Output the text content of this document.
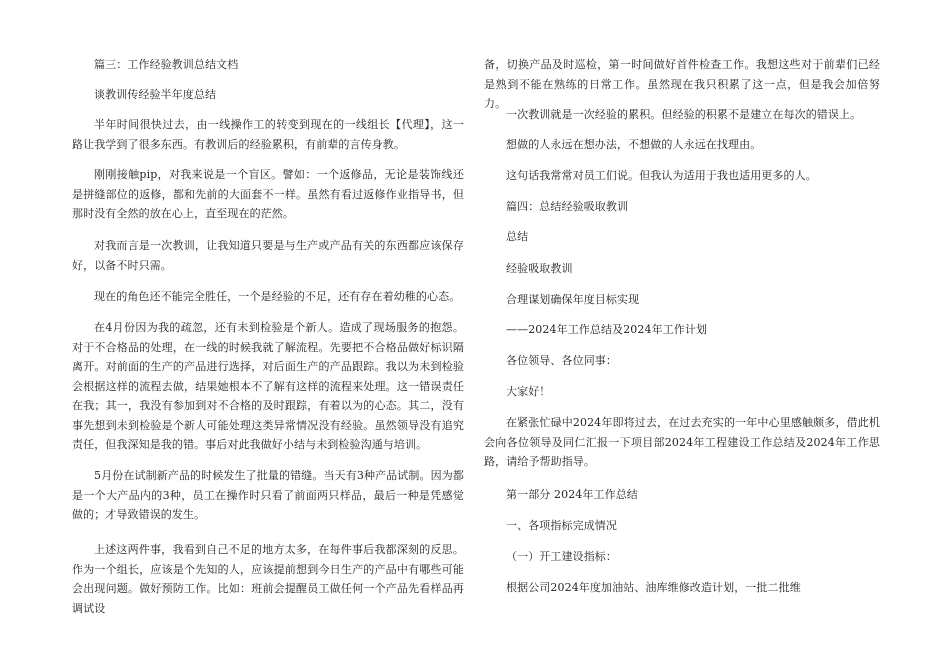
篇三：工作经验教训总结文档

谈教训传经验半年度总结

半年时间很快过去，由一线操作工的转变到现在的一线组长【代理】，这一路让我学到了很多东西。有教训后的经验累积，有前辈的言传身教。

刚刚接触pip，对我来说是一个盲区。譬如：一个返修品，无论是装饰线还是拼缝部位的返修，都和先前的大面套不一样。虽然有看过返修作业指导书，但那时没有全然的放在心上，直至现在的茫然。

对我而言是一次教训，让我知道只要是与生产或产品有关的东西都应该保存好，以备不时只需。

现在的角色还不能完全胜任，一个是经验的不足，还有存在着幼稚的心态。

在4月份因为我的疏忽，还有未到检验是个新人。造成了现场服务的抱怨。对于不合格品的处理，在一线的时候我就了解流程。先要把不合格品做好标识隔离开。对前面的生产的产品进行选择，对后面生产的产品跟踪。我以为未到检验会根据这样的流程去做，结果她根本不了解有这样的流程来处理。这一错误责任在我；其一，我没有参加到对不合格的及时跟踪，有着以为的心态。其二，没有事先想到未到检验是个新人可能处理这类异常情况没有经验。虽然领导没有追究责任，但我深知是我的错。事后对此我做好小结与未到检验沟通与培训。

5月份在试制新产品的时候发生了批量的错缝。当天有3种产品试制。因为都是一个大产品内的3种，员工在操作时只看了前面两只样品，最后一种是凭感觉做的；才导致错误的发生。

上述这两件事，我看到自己不足的地方太多，在每件事后我都深刻的反思。作为一个组长，应该是个先知的人，应该提前想到今日生产的产品中有哪些可能会出现问题。做好预防工作。比如：班前会提醒员工做任何一个产品先看样品再调试设

备，切换产品及时巡检，第一时间做好首件检查工作。我想这些对于前辈们已经是熟到不能在熟练的日常工作。虽然现在我只积累了这一点，但是我会加倍努力。

一次教训就是一次经验的累积。但经验的积累不是建立在每次的错误上。

想做的人永远在想办法，不想做的人永远在找理由。

这句话我常常对员工们说。但我认为适用于我也适用更多的人。

篇四：总结经验吸取教训

总结

经验吸取教训

合理谋划确保年度目标实现

——2024年工作总结及2024年工作计划

各位领导、各位同事：

大家好！

在紧张忙碌中2024年即将过去，在过去充实的一年中心里感触颇多，借此机会向各位领导及同仁汇报一下项目部2024年工程建设工作总结及2024年工作思路，请给予帮助指导。

第一部分 2024年工作总结

一、各项指标完成情况

（一）开工建设指标：

根据公司2024年度加油站、油库维修改造计划，一批二批维
